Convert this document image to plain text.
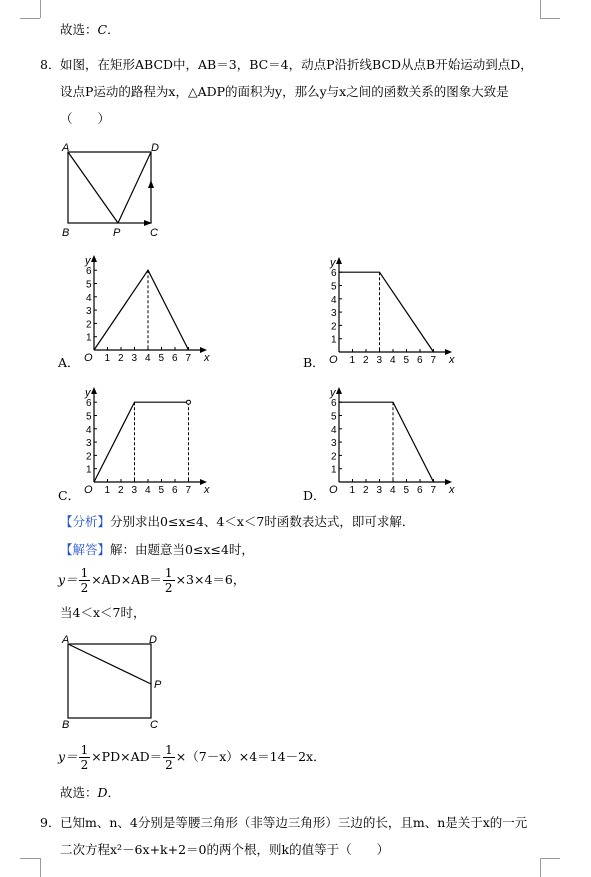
故选：C．
8． 如图，在矩形ABCD中，AB＝3，BC＝4，动点P沿折线BCD从点B开始运动到点D，
设点P运动的路程为x，△ADP的面积为y，那么y与x之间的函数关系的图象大致是
（　　）
A	D
B	P	C
A．	B．
C．	D．
y
x
O
1
2
3
4
5
6
1 2 3 4 5 6 7
y
x
O
1
2
3
4
5
6
1 2 3 4 5 6 7
y
x
O
1
2
3
4
5
6
1 2 3 4 5 6 7
y
x
O
1
2
3
4
5
6
1 2 3 4 5 6 7
【分析】分别求出0≤x≤4、4＜x＜7时函数表达式，即可求解．
【解答】解：由题意当0≤x≤4时，
$y= \frac{1}{2} \times AD\times AB= \frac{1}{2} \times 3\times 4=6$，
当4＜x＜7时，
A	D
B	C
P
$y= \frac{1}{2} \times PD\times AD= \frac{1}{2} \times(7-x)\times 4=14-2x$．
故选：D．
9． 已知m、n、4分别是等腰三角形（非等边三角形）三边的长，且m、n是关于x的一元
二次方程x²－6x+k+2＝0的两个根，则k的值等于（　　）
